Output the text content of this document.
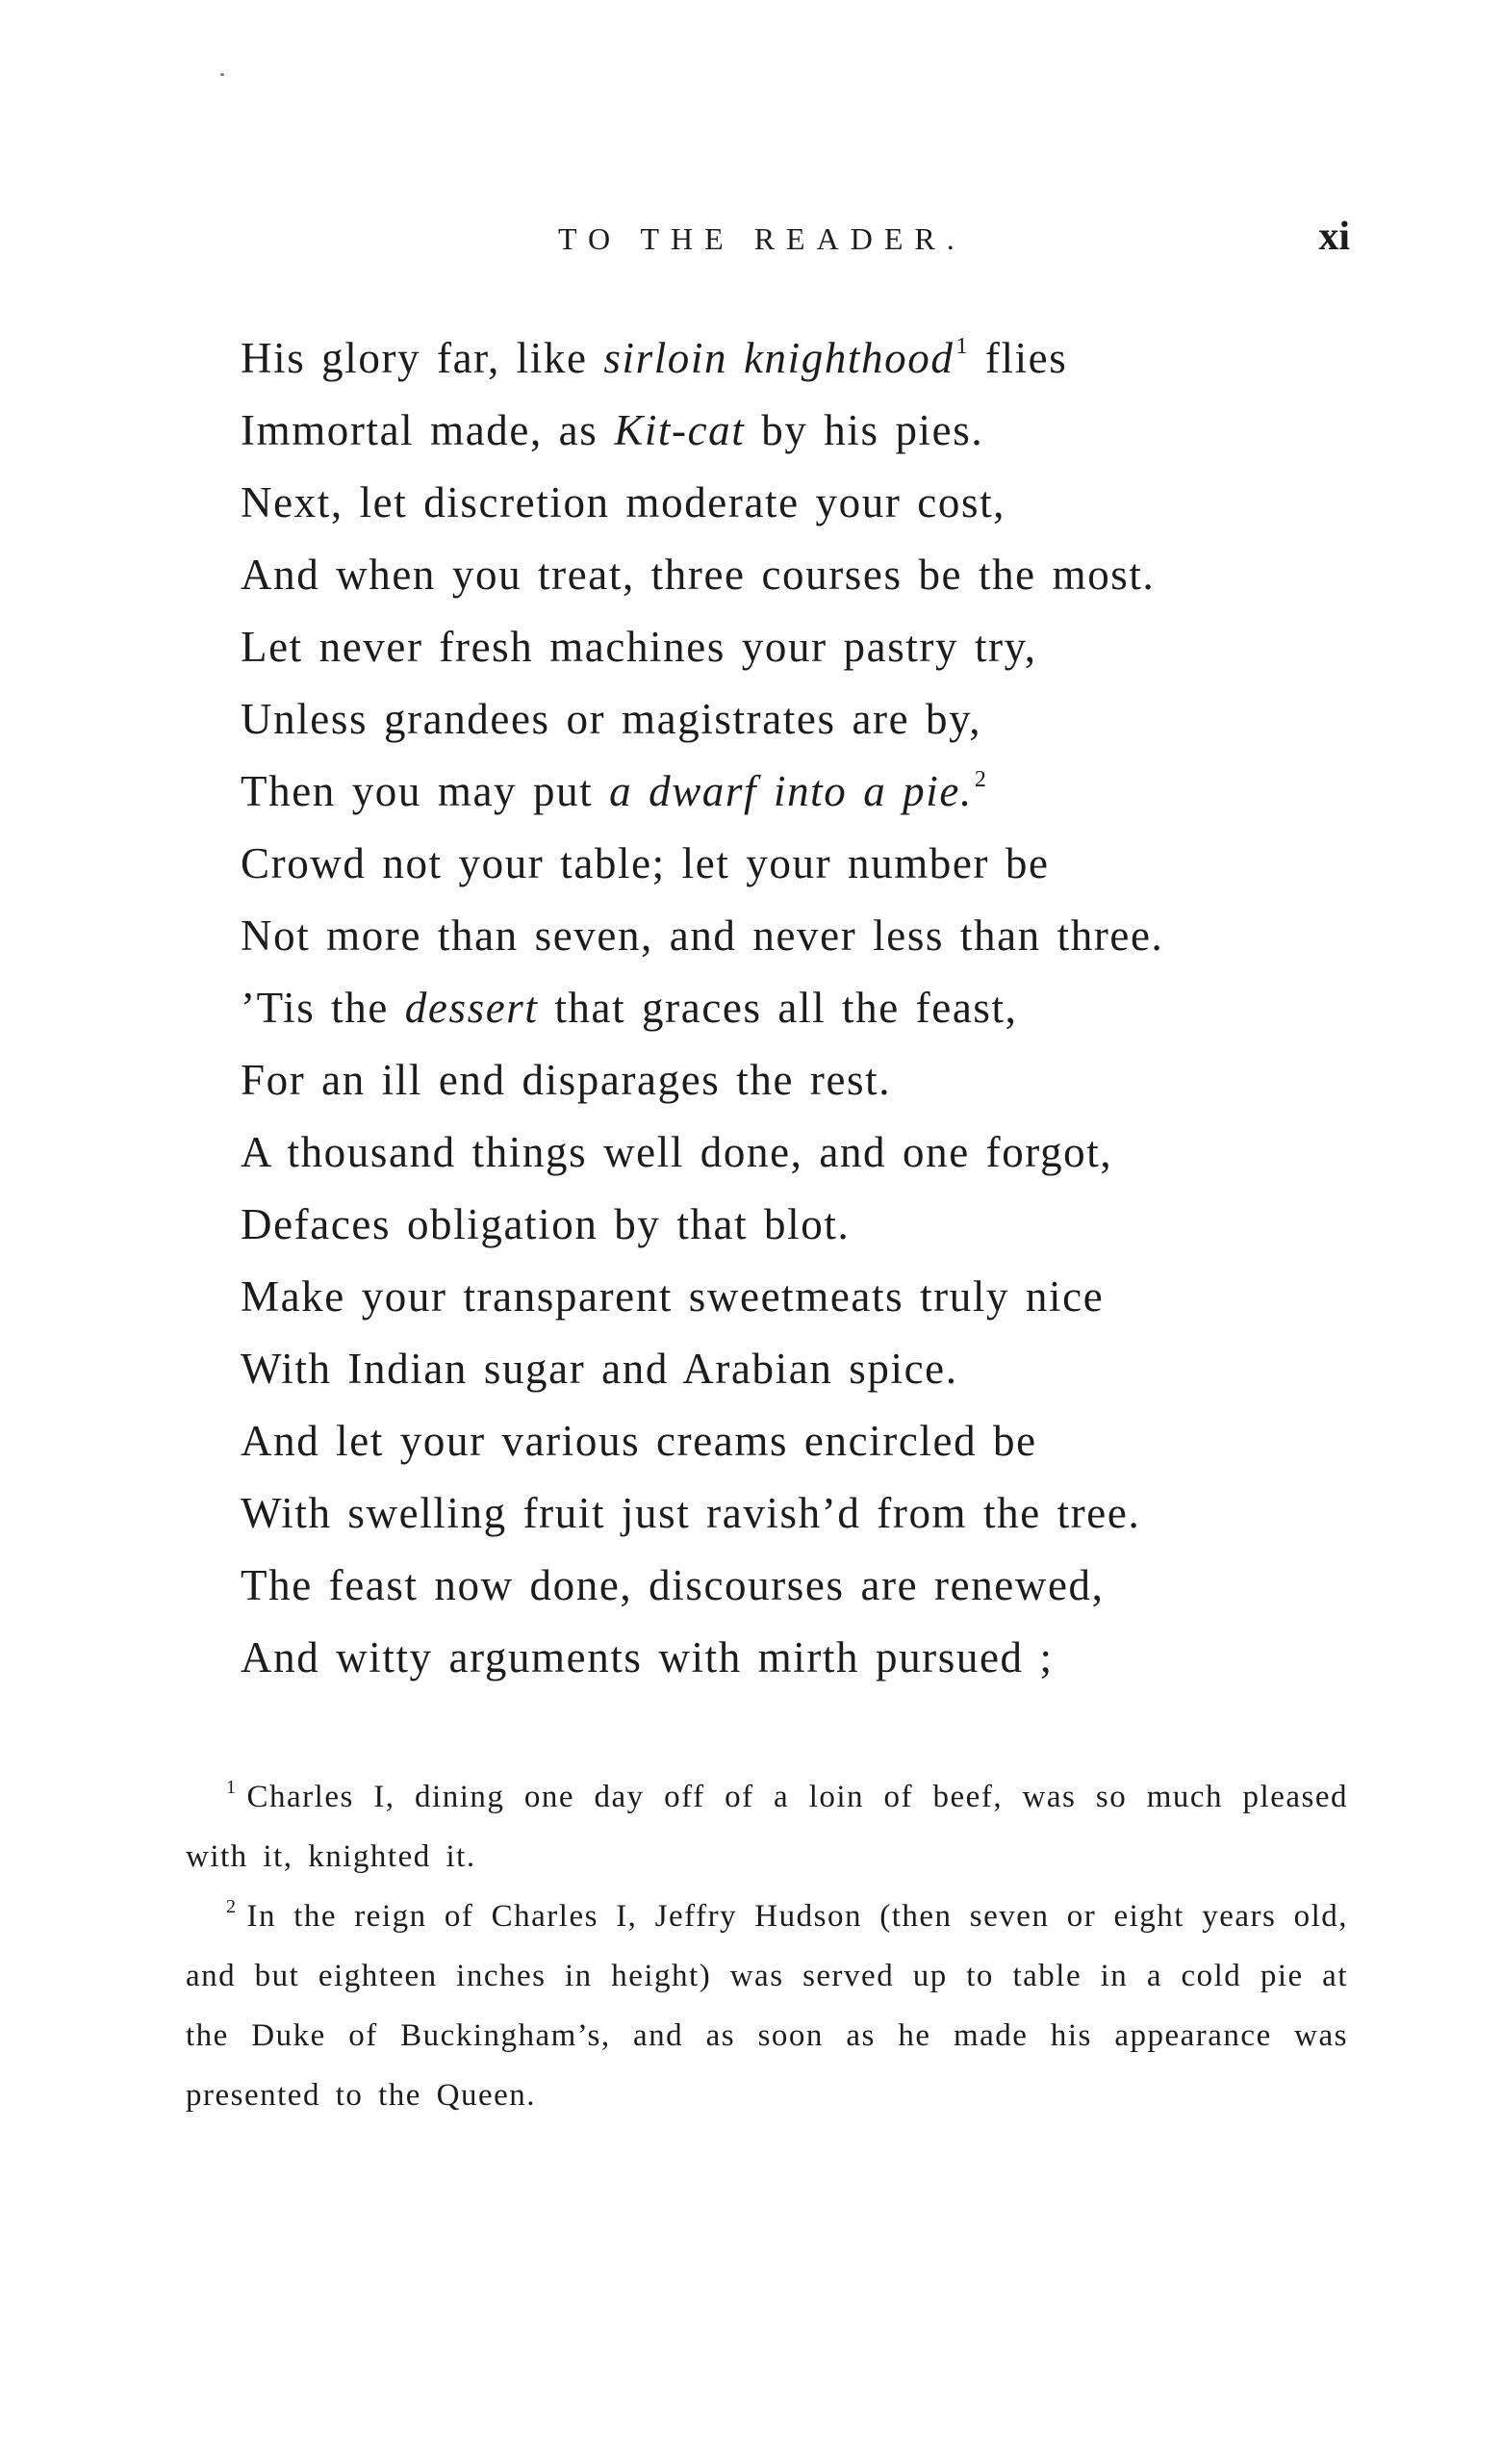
TO THE READER.	xi
His glory far, like sirloin knighthood$^1$ flies
Immortal made, as Kit-cat by his pies.
Next, let discretion moderate your cost,
And when you treat, three courses be the most.
Let never fresh machines your pastry try,
Unless grandees or magistrates are by,
Then you may put a dwarf into a pie.$^2$
Crowd not your table; let your number be
Not more than seven, and never less than three.
’Tis the dessert that graces all the feast,
For an ill end disparages the rest.
A thousand things well done, and one forgot,
Defaces obligation by that blot.
Make your transparent sweetmeats truly nice
With Indian sugar and Arabian spice.
And let your various creams encircled be
With swelling fruit just ravish’d from the tree.
The feast now done, discourses are renewed,
And witty arguments with mirth pursued ;

$^1$ Charles I, dining one day off of a loin of beef, was so much pleased with it, knighted it.

$^2$ In the reign of Charles I, Jeffry Hudson (then seven or eight years old, and but eighteen inches in height) was served up to table in a cold pie at the Duke of Buckingham’s, and as soon as he made his appearance was presented to the Queen.
